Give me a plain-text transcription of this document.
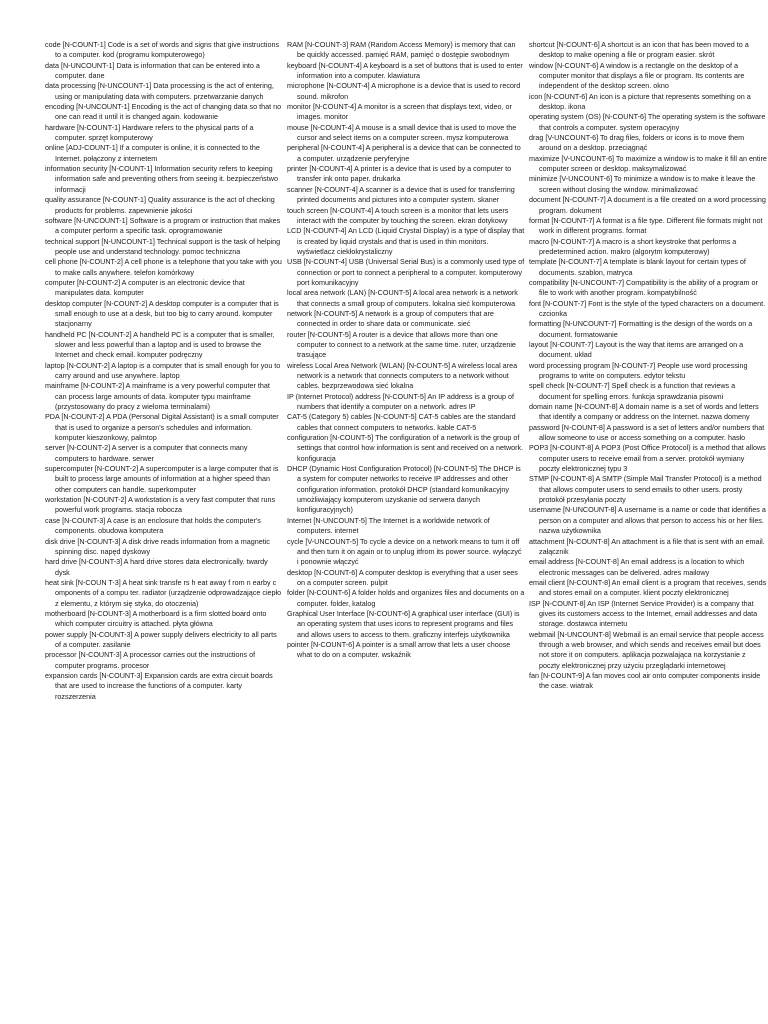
code [N-COUNT-1] Code is a set of words and signs that give instructions to a computer. kod (programu komputerowego)

data [N-UNCOUNT-1] Data is information that can be entered into a computer. dane

data processing [N-UNCOUNT-1] Data processing is the act of entering, using or manipulating data with computers. przetwarzanie danych

encoding [N-UNCOUNT-1] Encoding is the act of changing data so that no one can read it until it is changed again. kodowanie

hardware [N-COUNT-1] Hardware refers to the physical parts of a computer. sprzęt komputerowy

online [ADJ-COUNT-1] If a computer is online, it is connected to the Internet. połączony z internetem

information security [N-COUNT-1] Information security refers to keeping information safe and preventing others from seeing it. bezpieczeństwo informacji

quality assurance [N-COUNT-1] Quality assurance is the act of checking products for problems. zapewnienie jakości

software [N-UNCOUNT-1] Software is a program or instruction that makes a computer perform a specific task. oprogramowanie

technical support [N-UNCOUNT-1] Technical support is the task of helping people use and understand technology. pomoc techniczna

cell phone [N-COUNT-2] A cell phone is a telephone that you take with you to make calls anywhere. telefon komórkowy

computer [N-COUNT-2] A computer is an electronic device that manipulates data. komputer

desktop computer [N-COUNT-2] A desktop computer is a computer that is small enough to use at a desk, but too big to carry around. komputer stacjonarny

handheld PC [N-COUNT-2] A handheld PC is a computer that is smaller, slower and less powerful than a laptop and is used to browse the Internet and check email. komputer podręczny

laptop [N-COUNT-2] A laptop is a computer that is small enough for you to carry around and use anywhere. laptop

mainframe [N-COUNT-2] A mainframe is a very powerful computer that can process large amounts of data. komputer typu mainframe (przystosowany do pracy z wieloma terminalami)

PDA [N-COUNT-2] A PDA (Personal Digital Assistant) is a small computer that is used to organize a person's schedules and information. komputer kieszonkowy, palmtop

server [N-COUNT-2] A server is a computer that connects many computers to hardware. serwer

supercomputer [N-COUNT-2] A supercomputer is a large computer that is built to process large amounts of information at a higher speed than other computers can handle. superkomputer

workstation [N-COUNT-2] A workstation is a very fast computer that runs powerful work programs. stacja robocza

case [N-COUNT-3] A case is an enclosure that holds the computer's components. obudowa komputera

disk drive [N-COUNT-3] A disk drive reads information from a magnetic spinning disc. napęd dyskowy

hard drive [N-COUNT-3] A hard drive stores data electronically. twardy dysk

heat sink [N-COUN T-3] A heat sink transfe rs h eat away f rom n earby c omponents of a compu ter. radiator (urządzenie odprowadzające ciepło z elementu, z którym się styka, do otoczenia)

motherboard [N-COUNT-3] A motherboard is a firm slotted board onto which computer circuitry is attached. płyta główna

power supply [N-COUNT-3] A power supply delivers electricity to all parts of a computer. zasilanie

processor [N-COUNT-3] A processor carries out the instructions of computer programs. procesor

expansion cards [N-COUNT-3] Expansion cards are extra circuit boards that are used to increase the functions of a computer. karty rozszerzenia

RAM [N-COUNT-3] RAM (Random Access Memory) is memory that can be quickly accessed. pamięć RAM, pamięć o dostępie swobodnym

keyboard [N-COUNT-4] A keyboard is a set of buttons that is used to enter information into a computer. klawiatura

microphone [N-COUNT-4] A microphone is a device that is used to record sound. mikrofon

monitor [N-COUNT-4] A monitor is a screen that displays text, video, or images. monitor

mouse [N-COUNT-4] A mouse is a small device that is used to move the cursor and select items on a computer screen. mysz komputerowa

peripheral [N-COUNT-4] A peripheral is a device that can be connected to a computer. urządzenie peryferyjne

printer [N-COUNT-4] A printer is a device that is used by a computer to transfer ink onto paper. drukarka

scanner [N-COUNT-4] A scanner is a device that is used for transferring printed documents and pictures into a computer system. skaner

touch screen [N-COUNT-4] A touch screen is a monitor that lets users interact with the computer by touching the screen. ekran dotykowy

LCD [N-COUNT-4] An LCD (Liquid Crystal Display) is a type of display that is created by liquid crystals and that is used in thin monitors. wyświetlacz ciekłokrystaliczny

USB [N-COUNT-4] USB (Universal Serial Bus) is a commonly used type of connection or port to connect a peripheral to a computer. komputerowy port komunikacyjny

local area network (LAN) [N-COUNT-5] A local area network is a network that connects a small group of computers. lokalna sieć komputerowa

network [N-COUNT-5] A network is a group of computers that are connected in order to share data or communicate. sieć

router [N-COUNT-5] A router is a device that allows more than one computer to connect to a network at the same time. ruter, urządzenie trasujące

wireless Local Area Network (WLAN) [N-COUNT-5] A wireless local area network is a network that connects computers to a network without cables. bezprzewodowa sieć lokalna

IP (Internet Protocol) address [N-COUNT-5] An IP address is a group of numbers that identify a computer on a network. adres IP

CAT-5 (Category 5) cables [N-COUNT-5] CAT-5 cables are the standard cables that connect computers to networks. kable CAT-5

configuration [N-COUNT-5] The configuration of a network is the group of settings that control how information is sent and received on a network. konfiguracja

DHCP (Dynamic Host Configuration Protocol) [N-COUNT-5] The DHCP is a system for computer networks to receive IP addresses and other configuration information. protokół DHCP (standard komunikacyjny umożliwiający komputerom uzyskanie od serwera danych konfiguracyjnych)

Internet [N-UNCOUNT-5] The Internet is a worldwide network of computers. internet

cycle [V-UNCOUNT-5] To cycle a device on a network means to turn it off and then turn it on again or to unplug itfrom its power source. wyłączyć i ponownie włączyć

desktop [N-COUNT-6] A computer desktop is everything that a user sees on a computer screen. pulpit

folder [N-COUNT-6] A folder holds and organizes files and documents on a computer. folder, katalog

Graphical User Interface [N-COUNT-6] A graphical user interface (GUI) is an operating system that uses icons to represent programs and files and allows users to access to them. graficzny interfejs użytkownika

pointer [N-COUNT-6] A pointer is a small arrow that lets a user choose what to do on a computer. wskaźnik

shortcut [N-COUNT-6] A shortcut is an icon that has been moved to a desktop to make opening a file or program easier. skrót

window [N-COUNT-6] A window is a rectangle on the desktop of a computer monitor that displays a file or program. Its contents are independent of the desktop screen. okno

icon [N-COUNT-6] An icon is a picture that represents something on a desktop. ikona

operating system (OS) [N-COUNT-6] The operating system is the software that controls a computer. system operacyjny

drag [V-UNCOUNT-6] To drag files, folders or icons is to move them around on a desktop. przeciągnąć

maximize [V-UNCOUNT-6] To maximize a window is to make it fill an entire computer screen or desktop. maksymalizować

minimize [V-UNCOUNT-6] To minimize a window is to make it leave the screen without closing the window. minimalizować

document [N-COUNT-7] A document is a file created on a word processing program. dokument

format [N-COUNT-7] A format is a file type. Different file formats might not work in different programs. format

macro [N-COUNT-7] A macro is a short keystroke that performs a predetermined action. makro (algorytm komputerowy)

template [N-COUNT-7] A template is blank layout for certain types of documents. szablon, matryca

compatibility [N-UNCOUNT-7] Compatibility is the ability of a program or file to work with another program. kompatybilność

font [N-COUNT-7] Font is the style of the typed characters on a document. czcionka

formatting [N-UNCOUNT-7] Formatting is the design of the words on a document. formatowanie

layout [N-COUNT-7] Layout is the way that items are arranged on a document. układ

word processing program [N-COUNT-7] People use word processing programs to write on computers. edytor tekstu

spell check [N-COUNT-7] Spell check is a function that reviews a document for spelling errors. funkcja sprawdzania pisowni

domain name [N-COUNT-8] A domain name is a set of words and letters that identify a company or address on the Internet. nazwa domeny

password [N-COUNT-8] A password is a set of letters and/or numbers that allow someone to use or access something on a computer. hasło

POP3 [N-COUNT-8] A POP3 (Post Office Protocol) is a method that allows computer users to receive email from a server. protokół wymiany poczty elektronicznej typu 3

STMP [N-COUNT-8] A SMTP (Simple Mail Transfer Protocol) is a method that allows computer users to send emails to other users. prosty protokół przesyłania poczty

username [N-UNCOUNT-8] A username is a name or code that identifies a person on a computer and allows that person to access his or her files. nazwa użytkownika

attachment [N-COUNT-8] An attachment is a file that is sent with an email. załącznik

email address [N-COUNT-8] An email address is a location to which electronic messages can be delivered. adres mailowy

email client [N-COUNT-8] An email client is a program that receives, sends and stores email on a computer. klient poczty elektronicznej

ISP [N-COUNT-8] An ISP (Internet Service Provider) is a company that gives its customers access to the Internet, email addresses and data storage. dostawca internetu

webmail [N-UNCOUNT-8] Webmail is an email service that people access through a web browser, and which sends and receives email but does not store it on computers. aplikacja pozwalająca na korzystanie z poczty elektronicznej przy użyciu przeglądarki internetowej

fan [N-COUNT-9] A fan moves cool air onto computer components inside the case. wiatrak
